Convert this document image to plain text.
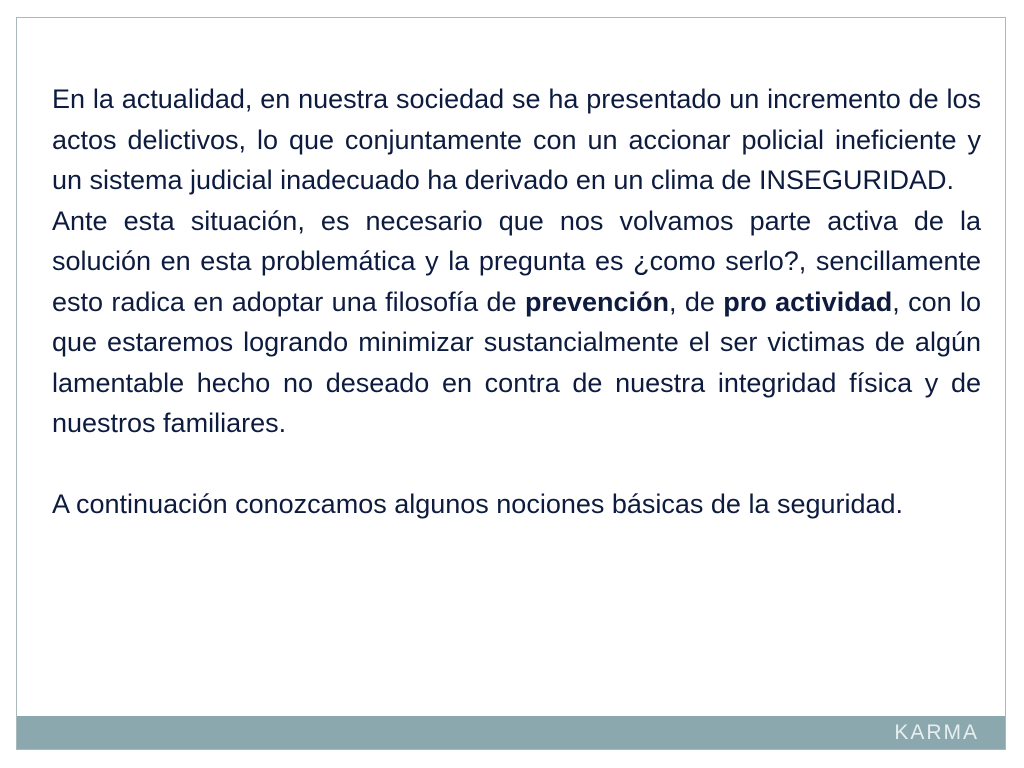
En la actualidad, en nuestra sociedad se ha presentado un incremento de los actos delictivos, lo que conjuntamente con un accionar policial ineficiente y un sistema judicial inadecuado ha derivado en un clima de INSEGURIDAD.

Ante esta situación, es necesario que nos volvamos parte activa de la solución en esta problemática y la pregunta es ¿como serlo?, sencillamente esto radica en adoptar una filosofía de prevención, de pro actividad, con lo que estaremos logrando minimizar sustancialmente el ser victimas de algún lamentable hecho no deseado en contra de nuestra integridad física y de nuestros familiares.

A continuación conozcamos algunos nociones básicas de la seguridad.

KARMA
